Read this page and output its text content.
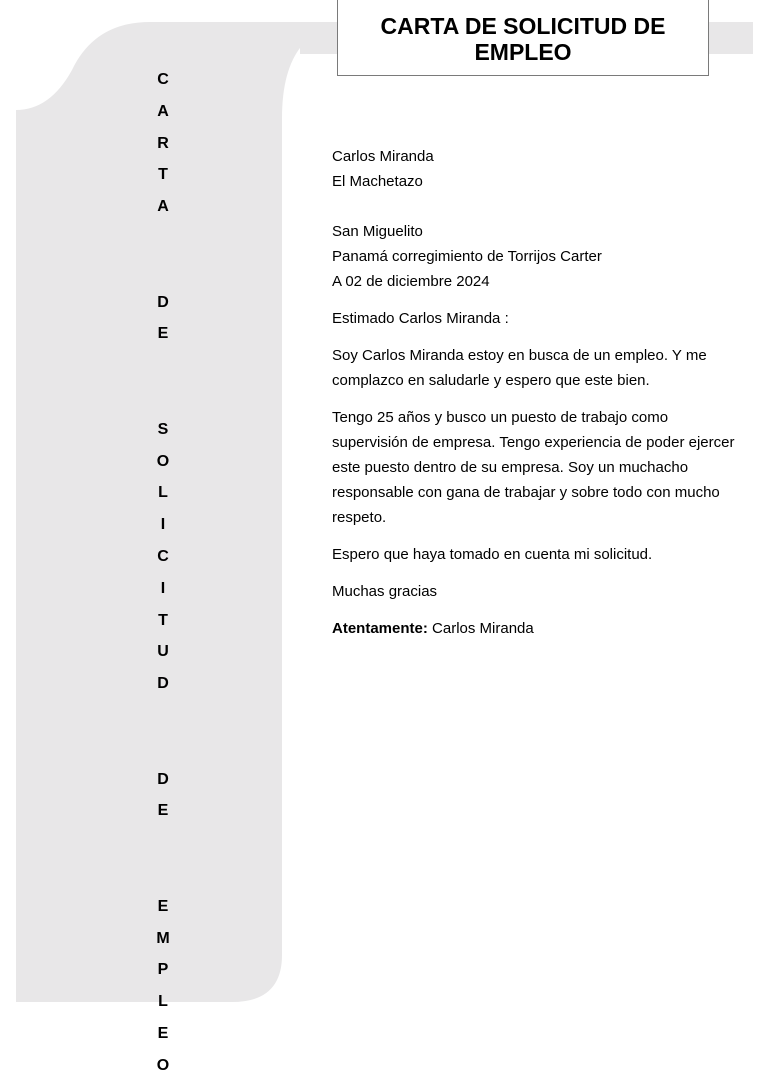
C
A
R
T
A

D
E

S
O
L
I
C
I
T
U
D

D
E

E
M
P
L
E
O
CARTA DE SOLICITUD DE EMPLEO

Carlos Miranda

El Machetazo

San Miguelito

Panamá corregimiento de Torrijos Carter

A 02 de diciembre 2024

Estimado Carlos Miranda :

Soy Carlos Miranda estoy en busca de un empleo. Y me complazco en saludarle y espero que este bien.

Tengo 25 años y busco un puesto de trabajo como supervisión de empresa. Tengo experiencia de poder ejercer este puesto dentro de su empresa. Soy un muchacho responsable con gana de trabajar y sobre todo con mucho respeto.

Espero que haya tomado en cuenta mi solicitud.

Muchas gracias

Atentamente: Carlos Miranda
